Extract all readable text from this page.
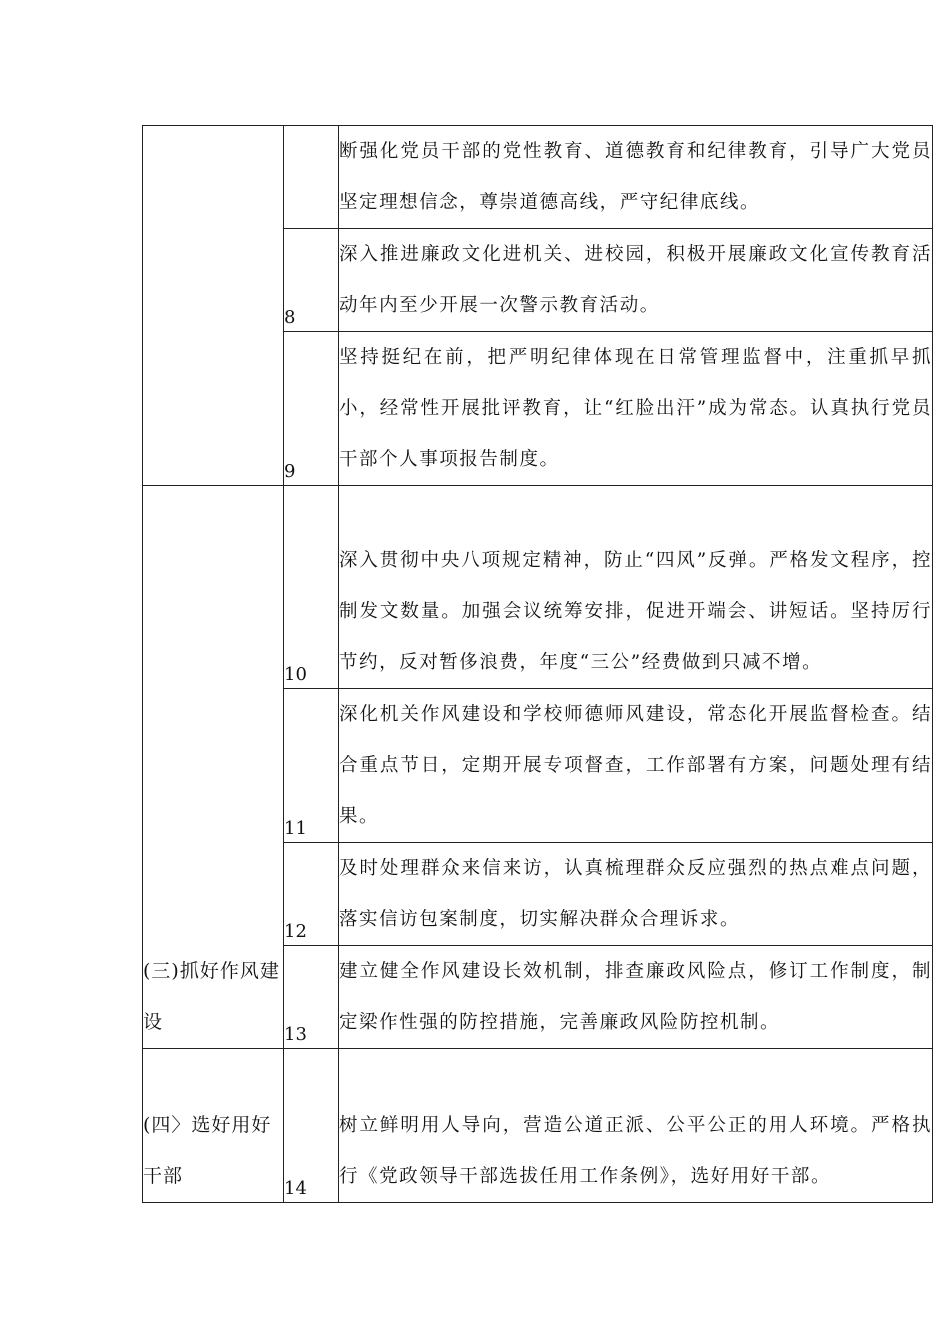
		断强化党员干部的党性教育、道德教育和纪律教育，引导广大党员坚定理想信念，尊崇道德高线，严守纪律底线。
	8	深入推进廉政文化进机关、进校园，积极开展廉政文化宣传教育活动年内至少开展一次警示教育活动。
	9	坚持挺纪在前，把严明纪律体现在日常管理监督中，注重抓早抓小，经常性开展批评教育，让“红脸出汗”成为常态。认真执行党员干部个人事项报告制度。
(三)抓好作风建设	10	深入贯彻中央八项规定精神，防止“四风”反弹。严格发文程序，控制发文数量。加强会议统筹安排，促进开端会、讲短话。坚持厉行节约，反对暂侈浪费，年度“三公”经费做到只减不增。
	11	深化机关作风建设和学校师德师风建设，常态化开展监督检查。结合重点节日，定期开展专项督查，工作部署有方案，问题处理有结果。
	12	及时处理群众来信来访，认真梳理群众反应强烈的热点难点问题，落实信访包案制度，切实解决群众合理诉求。
	13	建立健全作风建设长效机制，排查廉政风险点，修订工作制度，制定梁作性强的防控措施，完善廉政风险防控机制。
(四〉选好用好干部	14	树立鲜明用人导向，营造公道正派、公平公正的用人环境。严格执行《党政领导干部选拔任用工作条例》，选好用好干部。
